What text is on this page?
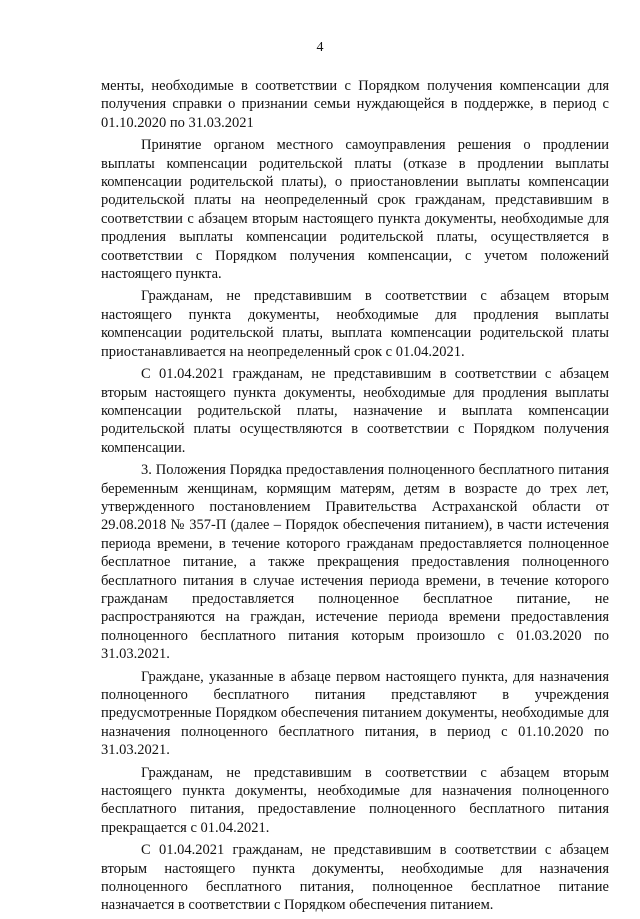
4

менты, необходимые в соответствии с Порядком получения компенсации для получения справки о признании семьи нуждающейся в поддержке, в период с 01.10.2020 по 31.03.2021

Принятие органом местного самоуправления решения о продлении выплаты компенсации родительской платы (отказе в продлении выплаты компенсации родительской платы), о приостановлении выплаты компенсации родительской платы на неопределенный срок гражданам, представившим в соответствии с абзацем вторым настоящего пункта документы, необходимые для продления выплаты компенсации родительской платы, осуществляется в соответствии с Порядком получения компенсации, с учетом положений настоящего пункта.

Гражданам, не представившим в соответствии с абзацем вторым настоящего пункта документы, необходимые для продления выплаты компенсации родительской платы, выплата компенсации родительской платы приостанавливается на неопределенный срок с 01.04.2021.

С 01.04.2021 гражданам, не представившим в соответствии с абзацем вторым настоящего пункта документы, необходимые для продления выплаты компенсации родительской платы, назначение и выплата компенсации родительской платы осуществляются в соответствии с Порядком получения компенсации.

3. Положения Порядка предоставления полноценного бесплатного питания беременным женщинам, кормящим матерям, детям в возрасте до трех лет, утвержденного постановлением Правительства Астраханской области от 29.08.2018 № 357-П (далее – Порядок обеспечения питанием), в части истечения периода времени, в течение которого гражданам предоставляется полноценное бесплатное питание, а также прекращения предоставления полноценного бесплатного питания в случае истечения периода времени, в течение которого гражданам предоставляется полноценное бесплатное питание, не распространяются на граждан, истечение периода времени предоставления полноценного бесплатного питания которым произошло с 01.03.2020 по 31.03.2021.

Граждане, указанные в абзаце первом настоящего пункта, для назначения полноценного бесплатного питания представляют в учреждения предусмотренные Порядком обеспечения питанием документы, необходимые для назначения полноценного бесплатного питания, в период с 01.10.2020 по 31.03.2021.

Гражданам, не представившим в соответствии с абзацем вторым настоящего пункта документы, необходимые для назначения полноценного бесплатного питания, предоставление полноценного бесплатного питания прекращается с 01.04.2021.

С 01.04.2021 гражданам, не представившим в соответствии с абзацем вторым настоящего пункта документы, необходимые для назначения полноценного бесплатного питания, полноценное бесплатное питание назначается в соответствии с Порядком обеспечения питанием.
